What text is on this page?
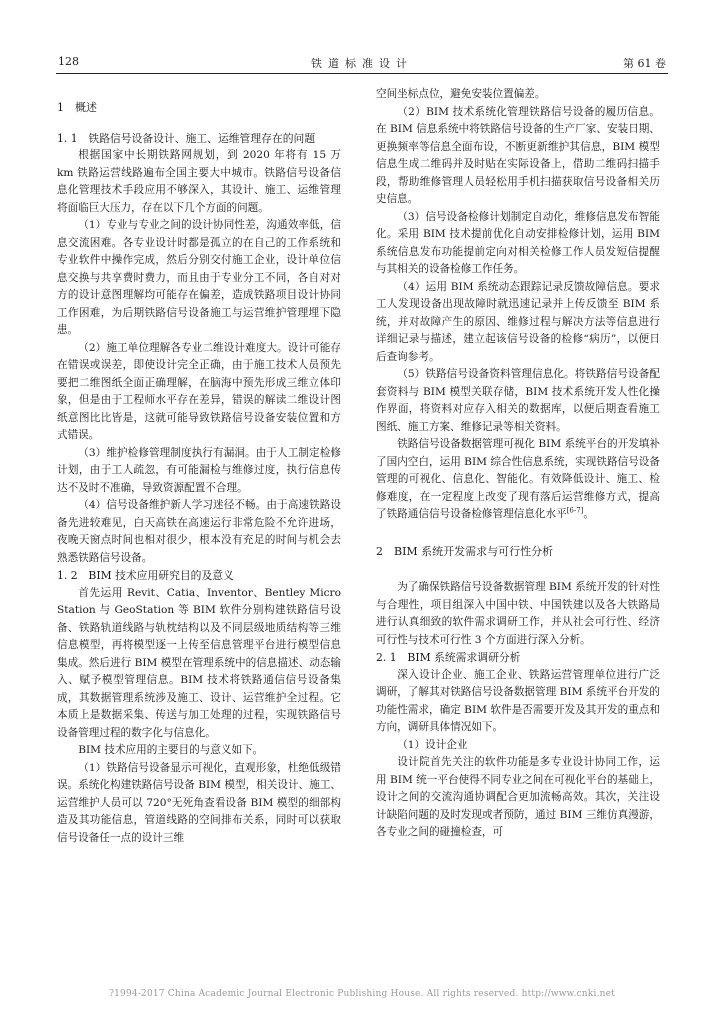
128	铁道标准设计	第 61 卷
1　概述
1. 1　铁路信号设备设计、施工、运维管理存在的问题

根据国家中长期铁路网规划，到 2020 年将有 15 万 km 铁路运营线路遍布全国主要大中城市。铁路信号设备信息化管理技术手段应用不够深入，其设计、施工、运维管理将面临巨大压力，存在以下几个方面的问题。

（1）专业与专业之间的设计协同性差，沟通效率低，信息交流困难。各专业设计时都是孤立的在自己的工作系统和专业软件中操作完成，然后分别交付施工企业，设计单位信息交换与共享费时费力，而且由于专业分工不同，各自对对方的设计意图理解均可能存在偏差，造成铁路项目设计协同工作困难，为后期铁路信号设备施工与运营维护管理埋下隐患。

（2）施工单位理解各专业二维设计难度大。设计可能存在错误或误差，即使设计完全正确，由于施工技术人员预先要把二维图纸全面正确理解，在脑海中预先形成三维立体印象，但是由于工程师水平存在差异，错误的解读二维设计图纸意图比比皆是，这就可能导致铁路信号设备安装位置和方式错误。

（3）维护检修管理制度执行有漏洞。由于人工制定检修计划，由于工人疏忽，有可能漏检与维修过度，执行信息传达不及时不准确，导致资源配置不合理。

（4）信号设备维护新人学习迷径不畅。由于高速铁路设备先进较难见，白天高铁在高速运行非常危险不允许进场，夜晚天窗点时间也相对很少，根本没有充足的时间与机会去熟悉铁路信号设备。

1. 2　BIM 技术应用研究目的及意义

首先运用 Revit、Catia、Inventor、Bentley Micro Station 与 GeoStation 等 BIM 软件分别构建铁路信号设备、铁路轨道线路与轨枕结构以及不同层级地质结构等三维信息模型，再将模型逐一上传至信息管理平台进行模型信息集成。然后进行 BIM 模型在管理系统中的信息描述、动态输入、赋予模型管理信息。BIM 技术将铁路通信信号设备集成，其数据管理系统涉及施工、设计、运营维护全过程。它本质上是数据采集、传送与加工处理的过程，实现铁路信号设备管理过程的数字化与信息化。

BIM 技术应用的主要目的与意义如下。

（1）铁路信号设备显示可视化，直观形象，杜绝低级错误。系统化构建铁路信号设备 BIM 模型，相关设计、施工、运营维护人员可以 720°无死角查看设备 BIM 模型的细部构造及其功能信息，管道线路的空间排布关系，同时可以获取信号设备任一点的设计三维

空间坐标点位，避免安装位置偏差。

（2）BIM 技术系统化管理铁路信号设备的履历信息。在 BIM 信息系统中将铁路信号设备的生产厂家、安装日期、更换频率等信息全面布设，不断更新维护其信息，BIM 模型信息生成二维码并及时贴在实际设备上，借助二维码扫描手段，帮助维修管理人员轻松用手机扫描获取信号设备相关历史信息。

（3）信号设备检修计划制定自动化，维修信息发布智能化。采用 BIM 技术提前优化自动安排检修计划，运用 BIM 系统信息发布功能提前定向对相关检修工作人员发短信提醒与其相关的设备检修工作任务。

（4）运用 BIM 系统动态跟踪记录反馈故障信息。要求工人发现设备出现故障时就迅速记录并上传反馈至 BIM 系统，并对故障产生的原因、维修过程与解决方法等信息进行详细记录与描述，建立起该信号设备的检修“病历”，以便日后查询参考。

（5）铁路信号设备资料管理信息化。将铁路信号设备配套资料与 BIM 模型关联存储，BIM 技术系统开发人性化操作界面，将资料对应存入相关的数据库，以便后期查看施工图纸、施工方案、维修记录等相关资料。

铁路信号设备数据管理可视化 BIM 系统平台的开发填补了国内空白，运用 BIM 综合性信息系统，实现铁路信号设备管理的可视化、信息化、智能化。有效降低设计、施工、检修难度，在一定程度上改变了现有落后运营维修方式，提高了铁路通信信号设备检修管理信息化水平[6-7]。

2　BIM 系统开发需求与可行性分析

为了确保铁路信号设备数据管理 BIM 系统开发的针对性与合理性，项目组深入中国中铁、中国铁建以及各大铁路局进行认真细致的软件需求调研工作，并从社会可行性、经济可行性与技术可行性 3 个方面进行深入分析。

2. 1　BIM 系统需求调研分析

深入设计企业、施工企业、铁路运营管理单位进行广泛调研，了解其对铁路信号设备数据管理 BIM 系统平台开发的功能性需求，确定 BIM 软件是否需要开发及其开发的重点和方向，调研具体情况如下。

（1）设计企业

设计院首先关注的软件功能是多专业设计协同工作，运用 BIM 统一平台使得不同专业之间在可视化平台的基础上，设计之间的交流沟通协调配合更加流畅高效。其次，关注设计缺陷问题的及时发现或者预防，通过 BIM 三维仿真漫游，各专业之间的碰撞检查，可

?1994-2017 China Academic Journal Electronic Publishing House. All rights reserved. http://www.cnki.net
